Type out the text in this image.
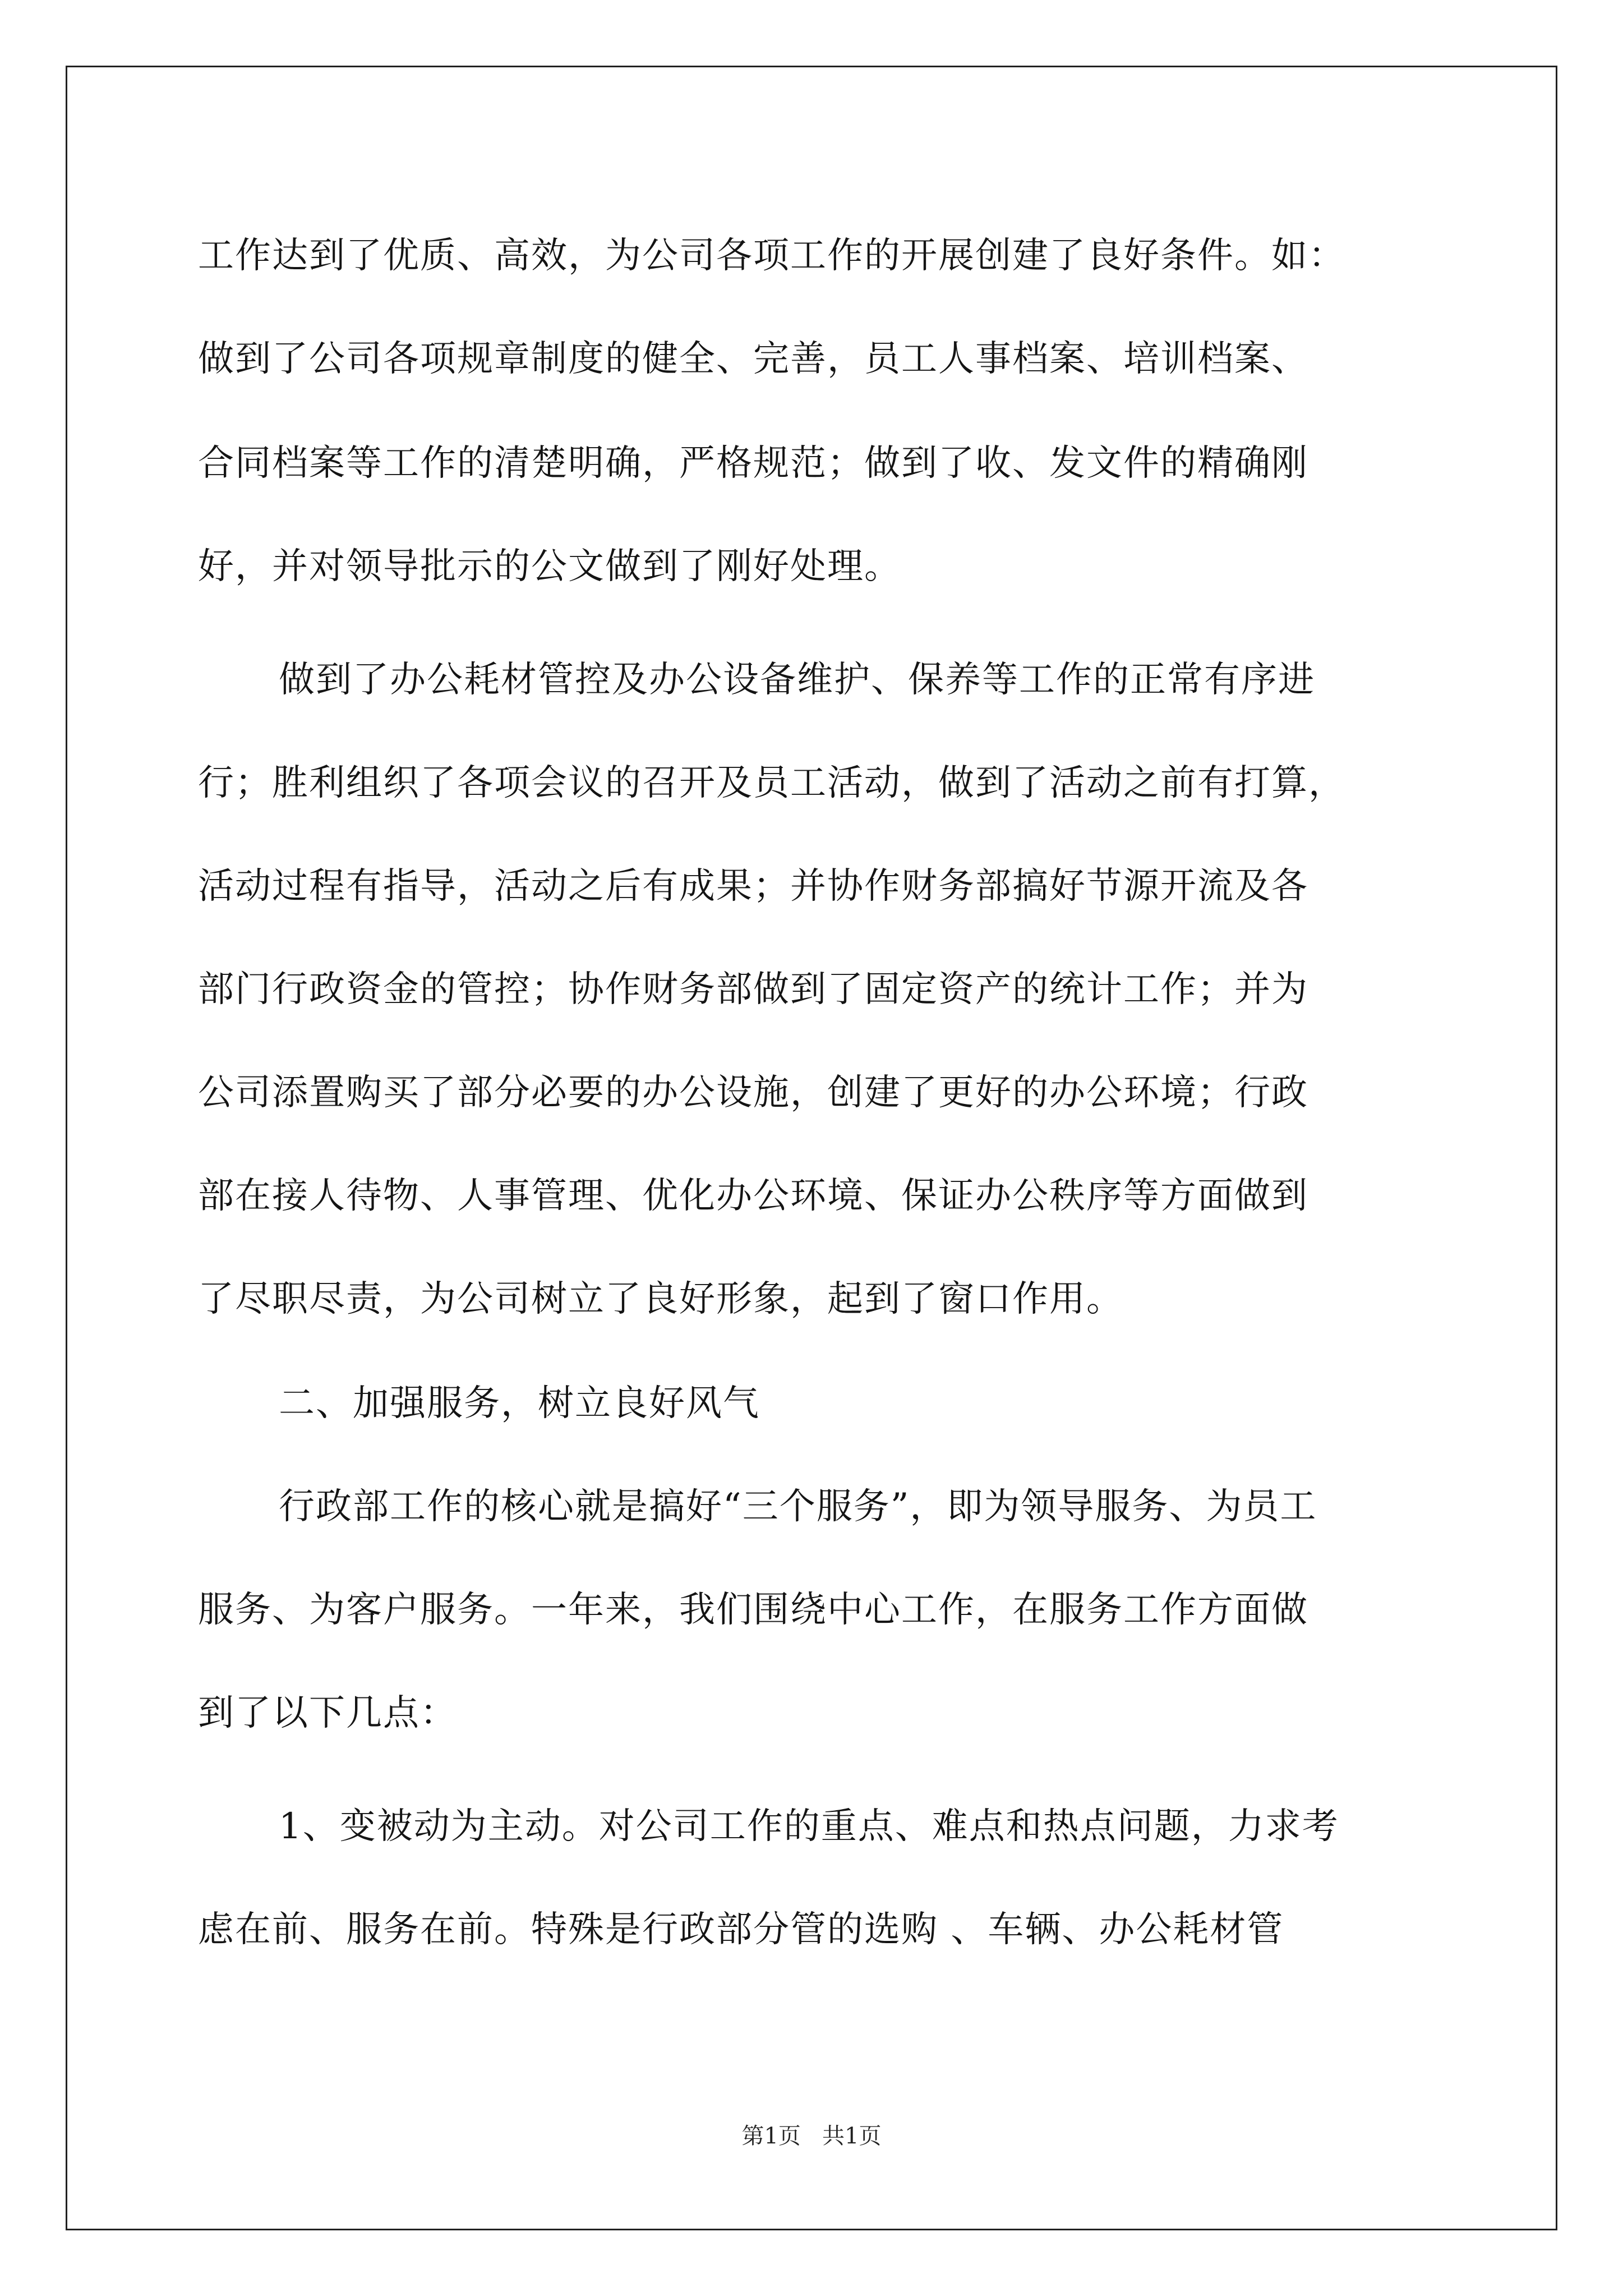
工作达到了优质、高效，为公司各项工作的开展创建了良好条件。如：
做到了公司各项规章制度的健全、完善，员工人事档案、培训档案、
合同档案等工作的清楚明确，严格规范；做到了收、发文件的精确刚
好，并对领导批示的公文做到了刚好处理。
做到了办公耗材管控及办公设备维护、保养等工作的正常有序进
行；胜利组织了各项会议的召开及员工活动，做到了活动之前有打算，
活动过程有指导，活动之后有成果；并协作财务部搞好节源开流及各
部门行政资金的管控；协作财务部做到了固定资产的统计工作；并为
公司添置购买了部分必要的办公设施，创建了更好的办公环境；行政
部在接人待物、人事管理、优化办公环境、保证办公秩序等方面做到
了尽职尽责，为公司树立了良好形象，起到了窗口作用。
二、加强服务，树立良好风气
行政部工作的核心就是搞好“三个服务”，即为领导服务、为员工
服务、为客户服务。一年来，我们围绕中心工作，在服务工作方面做
到了以下几点：
1、变被动为主动。对公司工作的重点、难点和热点问题，力求考
虑在前、服务在前。特殊是行政部分管的选购 、车辆、办公耗材管
第1页   共1页
